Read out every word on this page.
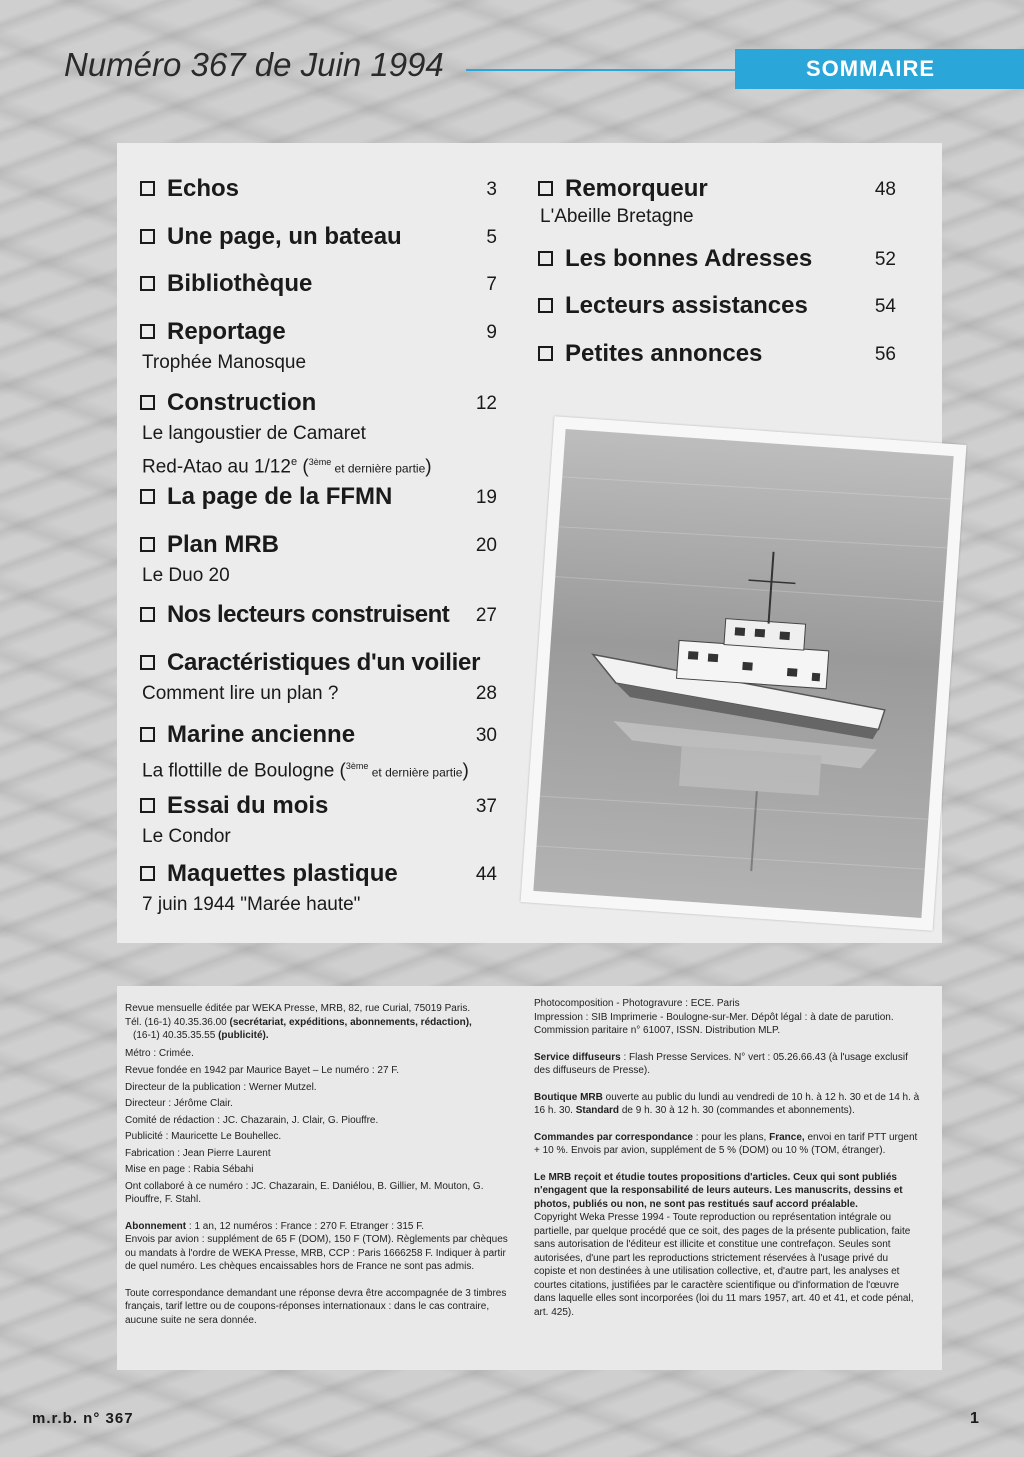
Numéro 367 de Juin 1994	SOMMAIRE
Echos	3
Une page, un bateau	5
Bibliothèque	7
Reportage	9
Trophée Manosque
Construction	12
Le langoustier de Camaret
Red-Atao au 1/12e ($^{3ème}$ et dernière partie)
La page de la FFMN	19
Plan MRB	20
Le Duo 20
Nos lecteurs construisent 27
Caractéristiques d'un voilier
Comment lire un plan ?	28
Marine ancienne	30
La flottille de Boulogne ($^{3ème}$ et dernière partie)
Essai du mois	37
Le Condor
Maquettes plastique	44
7 juin 1944 "Marée haute"
Remorqueur	48
L'Abeille Bretagne
Les bonnes Adresses	52
Lecteurs assistances	54
Petites annonces	56

Revue mensuelle éditée par WEKA Presse, MRB, 82, rue Curial, 75019 Paris.

Tél. (16-1) 40.35.36.00 (secrétariat, expéditions, abonnements, rédaction),

(16-1) 40.35.35.55 (publicité).

Métro : Crimée.

Revue fondée en 1942 par Maurice Bayet – Le numéro : 27 F.

Directeur de la publication : Werner Mutzel.

Directeur : Jérôme Clair.

Comité de rédaction : JC. Chazarain, J. Clair, G. Piouffre.

Publicité : Mauricette Le Bouhellec.

Fabrication : Jean Pierre Laurent

Mise en page : Rabia Sébahi

Ont collaboré à ce numéro : JC. Chazarain, E. Daniélou, B. Gillier, M. Mouton, G. Piouffre, F. Stahl.

Abonnement : 1 an, 12 numéros : France : 270 F. Etranger : 315 F.

Envois par avion : supplément de 65 F (DOM), 150 F (TOM). Règlements par chèques ou mandats à l'ordre de WEKA Presse, MRB, CCP : Paris 1666258 F. Indiquer à partir de quel numéro. Les chèques encaissables hors de France ne sont pas admis.

Toute correspondance demandant une réponse devra être accompagnée de 3 timbres français, tarif lettre ou de coupons-réponses internationaux : dans le cas contraire, aucune suite ne sera donnée.

Photocomposition - Photogravure : ECE. Paris

Impression : SIB Imprimerie - Boulogne-sur-Mer. Dépôt légal : à date de parution. Commission paritaire n° 61007, ISSN. Distribution MLP.

Service diffuseurs : Flash Presse Services. N° vert : 05.26.66.43 (à l'usage exclusif des diffuseurs de Presse).

Boutique MRB ouverte au public du lundi au vendredi de 10 h. à 12 h. 30 et de 14 h. à 16 h. 30. Standard de 9 h. 30 à 12 h. 30 (commandes et abonnements).

Commandes par correspondance : pour les plans, France, envoi en tarif PTT urgent + 10 %. Envois par avion, supplément de 5 % (DOM) ou 10 % (TOM, étranger).

Le MRB reçoit et étudie toutes propositions d'articles. Ceux qui sont publiés n'engagent que la responsabilité de leurs auteurs. Les manuscrits, dessins et photos, publiés ou non, ne sont pas restitués sauf accord préalable.

Copyright Weka Presse 1994 - Toute reproduction ou représentation intégrale ou partielle, par quelque procédé que ce soit, des pages de la présente publication, faite sans autorisation de l'éditeur est illicite et constitue une contrefaçon. Seules sont autorisées, d'une part les reproductions strictement réservées à l'usage privé du copiste et non destinées à une utilisation collective, et, d'autre part, les analyses et courtes citations, justifiées par le caractère scientifique ou d'information de l'œuvre dans laquelle elles sont incorporées (loi du 11 mars 1957, art. 40 et 41, et code pénal, art. 425).

m.r.b. n° 367	1
